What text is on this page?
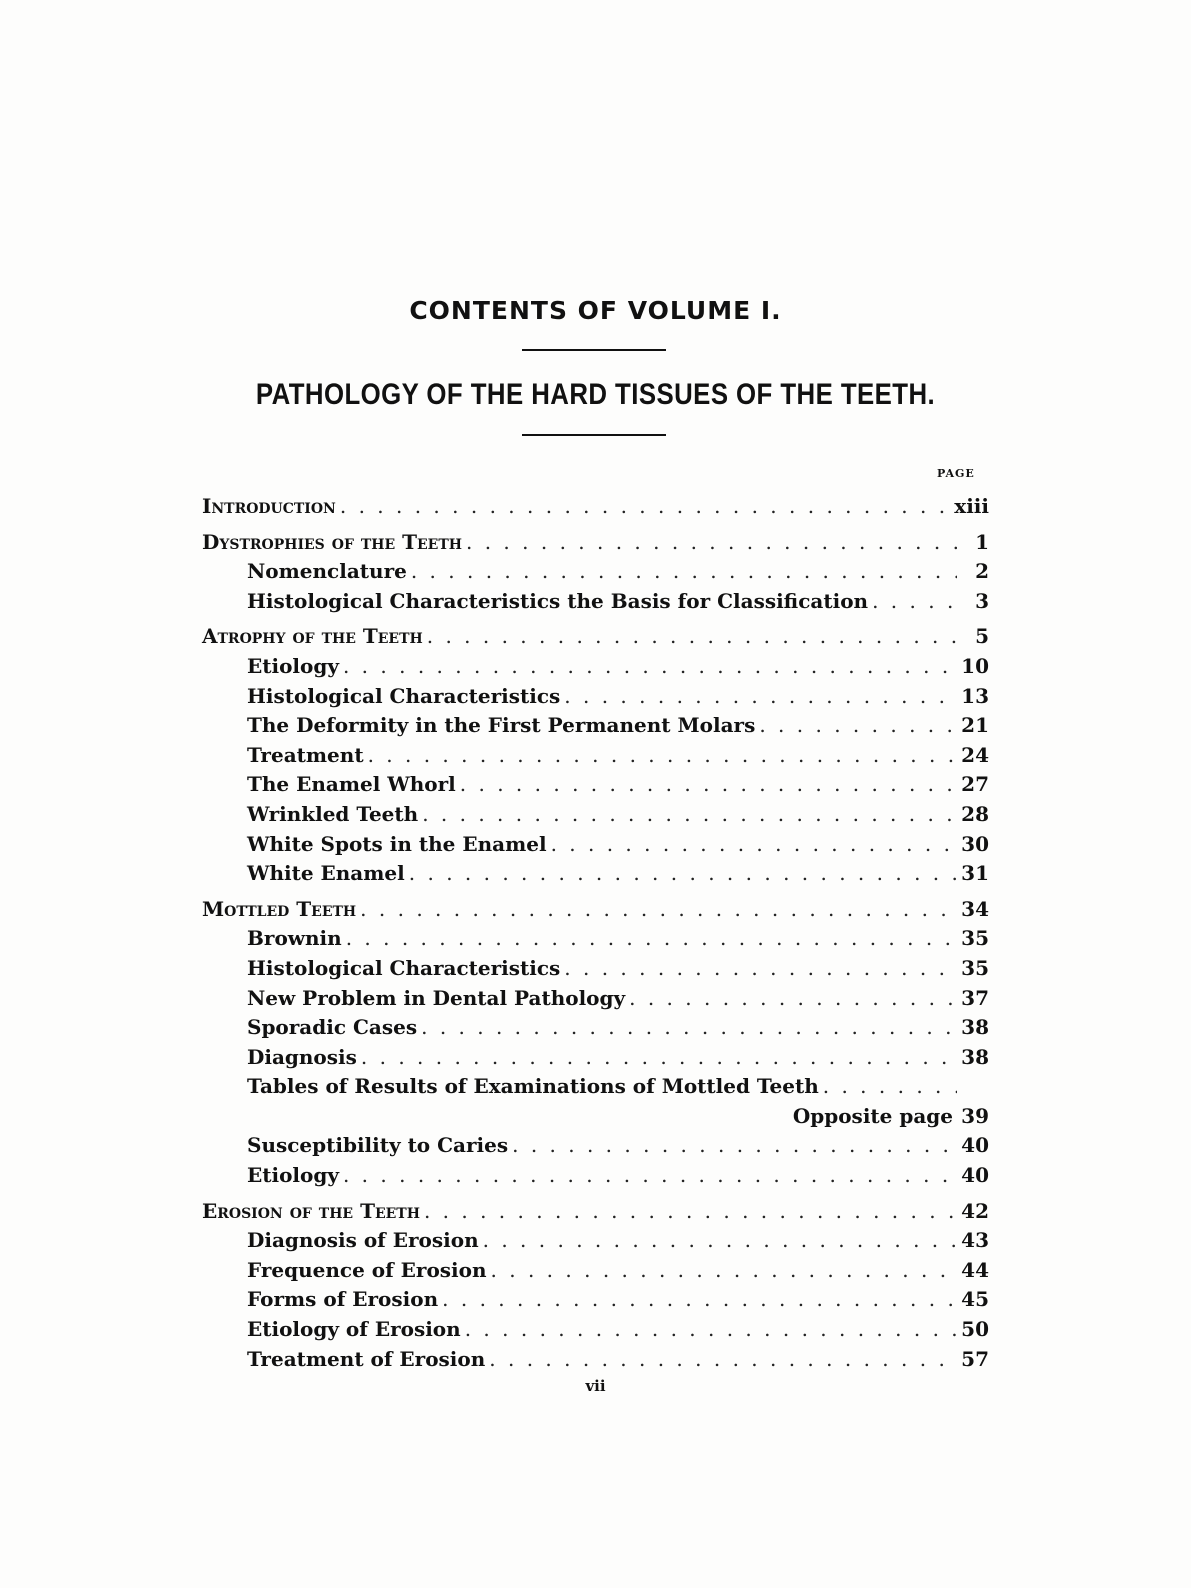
CONTENTS OF VOLUME I.
PATHOLOGY OF THE HARD TISSUES OF THE TEETH.
PAGE
Introduction . . .	xiii
Dystrophies of the Teeth . . .	1
Nomenclature . . .	2
Histological Characteristics the Basis for Classification . . .	3
Atrophy of the Teeth . . .	5
Etiology . . .	10
Histological Characteristics . . .	13
The Deformity in the First Permanent Molars . . .	21
Treatment . . .	24
The Enamel Whorl . . .	27
Wrinkled Teeth . . .	28
White Spots in the Enamel . . .	30
White Enamel . . .	31
Mottled Teeth . . .	34
Brownin . . .	35
Histological Characteristics . . .	35
New Problem in Dental Pathology . . .	37
Sporadic Cases . . .	38
Diagnosis . . .	38
Tables of Results of Examinations of Mottled Teeth
. . .
Opposite page 39
Susceptibility to Caries . . .	40
Etiology . . .	40
Erosion of the Teeth . . .	42
Diagnosis of Erosion . . .	43
Frequence of Erosion . . .	44
Forms of Erosion . . .	45
Etiology of Erosion . . .	50
Treatment of Erosion . . .	57
vii
